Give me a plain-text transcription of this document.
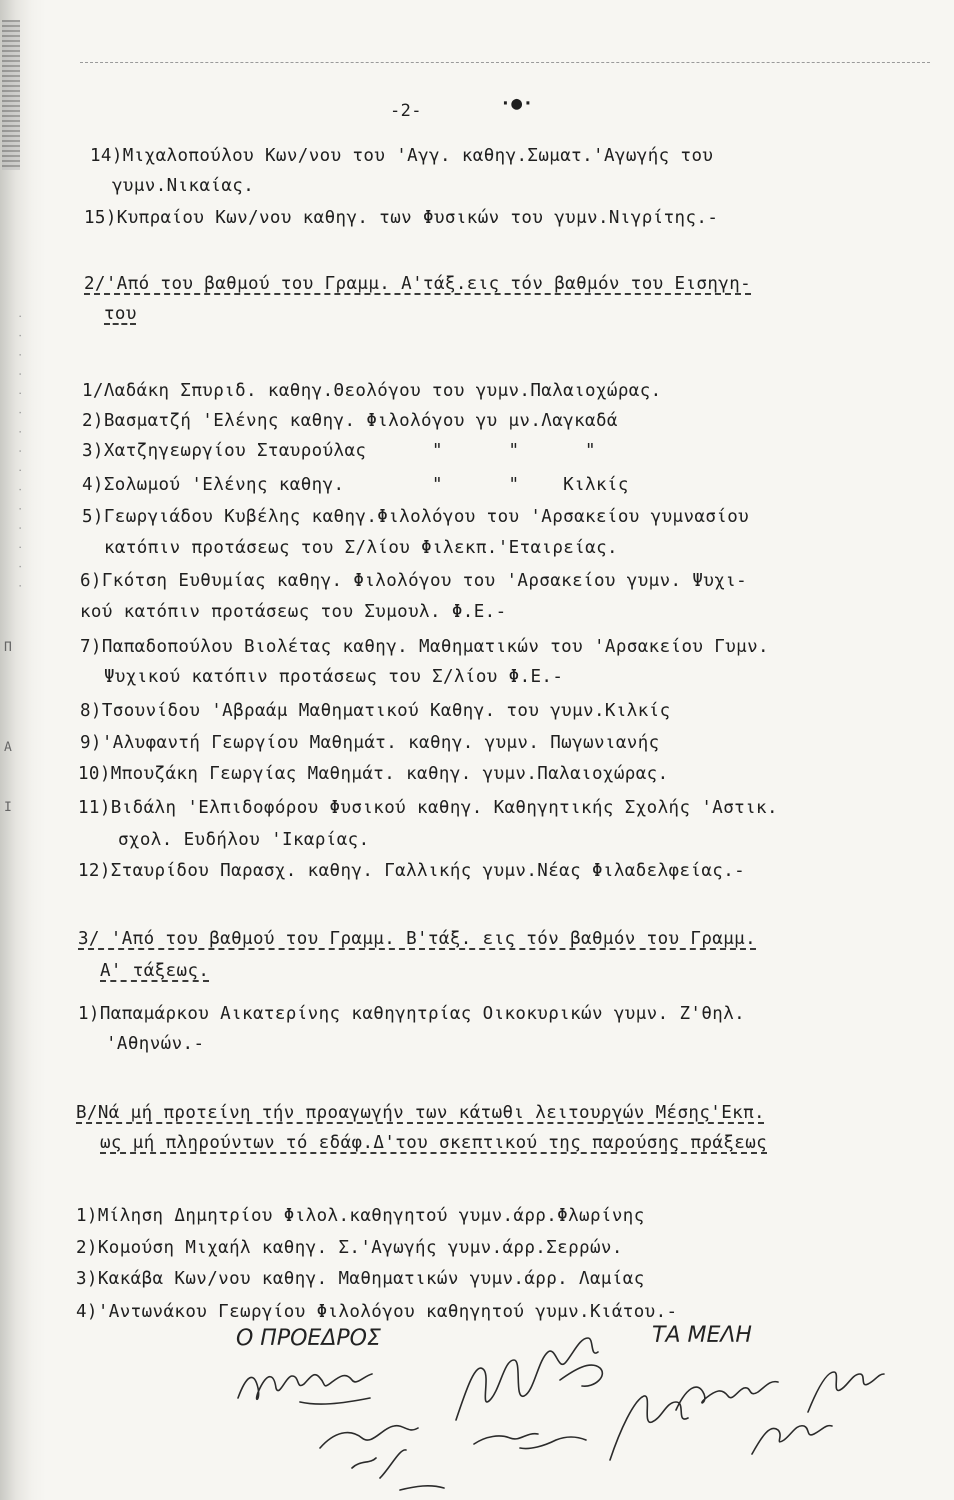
Π
Α
Ι
· · · · · · · · · · · · · · ·
-2-	·●·
14)Μιχαλοπούλου Κων/νου του 'Αγγ. καθηγ.Σωματ.'Αγωγής του
γυμν.Νικαίας.
15)Κυπραίου Κων/νου καθηγ. των Φυσικών του γυμν.Νιγρίτης.-
2/'Από του βαθμού του Γραμμ. Α'τάξ.εις τόν βαθμόν του Εισηγη-
του
1/Λαδάκη Σπυριδ. καθηγ.Θεολόγου του γυμν.Παλαιοχώρας.
2)Βασματζή 'Ελένης καθηγ. Φιλολόγου γυ μν.Λαγκαδά
3)Χατζηγεωργίου Σταυρούλας      "      "      "
4)Σολωμού 'Ελένης καθηγ.        "      "    Κιλκίς
5)Γεωργιάδου Κυβέλης καθηγ.Φιλολόγου του 'Αρσακείου γυμνασίου
κατόπιν προτάσεως του Σ/λίου Φιλεκπ.'Εταιρείας.
6)Γκότση Ευθυμίας καθηγ. Φιλολόγου του 'Αρσακείου γυμν. Ψυχι-
κού κατόπιν προτάσεως του Συμουλ. Φ.Ε.-
7)Παπαδοπούλου Βιολέτας καθηγ. Μαθηματικών του 'Αρσακείου Γυμν.
Ψυχικού κατόπιν προτάσεως του Σ/λίου Φ.Ε.-
8)Τσουνίδου 'Αβραάμ Μαθηματικού Καθηγ. του γυμν.Κιλκίς
9)'Αλυφαντή Γεωργίου Μαθημάτ. καθηγ. γυμν. Πωγωνιανής
10)Μπουζάκη Γεωργίας Μαθημάτ. καθηγ. γυμν.Παλαιοχώρας.
11)Βιδάλη 'Ελπιδοφόρου Φυσικού καθηγ. Καθηγητικής Σχολής 'Αστικ.
σχολ. Ευδήλου 'Ικαρίας.
12)Σταυρίδου Παρασχ. καθηγ. Γαλλικής γυμν.Νέας Φιλαδελφείας.-
3/ 'Από του βαθμού του Γραμμ. Β'τάξ. εις τόν βαθμόν του Γραμμ.
Α' τάξεως.
1)Παπαμάρκου Αικατερίνης καθηγητρίας Οικοκυρικών γυμν. Ζ'θηλ.
'Αθηνών.-
Β/Νά μή προτείνη τήν προαγωγήν των κάτωθι λειτουργών Μέσης'Εκπ.
ως μή πληρούντων τό εδάφ.Δ'του σκεπτικού της παρούσης πράξεως
1)Μίληση Δημητρίου Φιλολ.καθηγητού γυμν.άρρ.Φλωρίνης
2)Κομούση Μιχαήλ καθηγ. Σ.'Αγωγής γυμν.άρρ.Σερρών.
3)Κακάβα Κων/νου καθηγ. Μαθηματικών γυμν.άρρ. Λαμίας
4)'Αντωνάκου Γεωργίου Φιλολόγου καθηγητού γυμν.Κιάτου.-
Ο ΠΡΟΕΔΡΟΣ	ΤΑ ΜΕΛΗ
